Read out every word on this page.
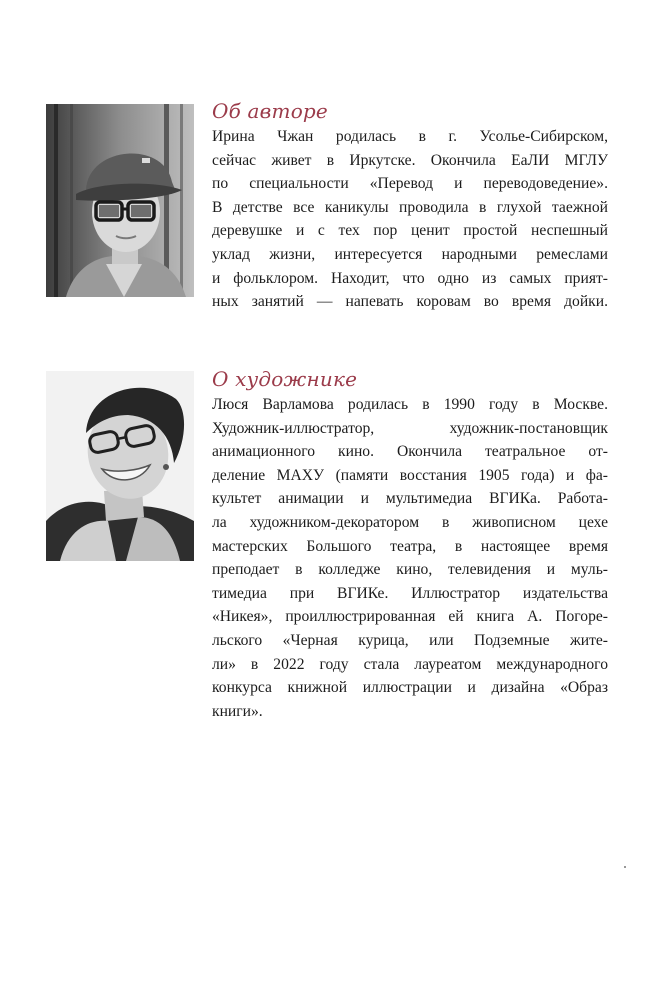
Об авторе

Ирина Чжан родилась в г. Усолье-Сибирском,

сейчас живет в Иркутске. Окончила ЕаЛИ МГЛУ

по специальности «Перевод и переводоведение».

В детстве все каникулы проводила в глухой таежной

деревушке и с тех пор ценит простой неспешный

уклад жизни, интересуется народными ремеслами

и фольклором. Находит, что одно из самых прият-

ных занятий — напевать коровам во время дойки.

О художнике

Люся Варламова родилась в 1990 году в Москве.

Художник-иллюстратор, художник-постановщик

анимационного кино. Окончила театральное от-

деление МАХУ (памяти восстания 1905 года) и фа-

культет анимации и мультимедиа ВГИКа. Работа-

ла художником-декоратором в живописном цехе

мастерских Большого театра, в настоящее время

преподает в колледже кино, телевидения и муль-

тимедиа при ВГИКе. Иллюстратор издательства

«Никея», проиллюстрированная ей книга А. Погоре-

льского «Черная курица, или Подземные жите-

ли» в 2022 году стала лауреатом международного

конкурса книжной иллюстрации и дизайна «Образ

книги».
